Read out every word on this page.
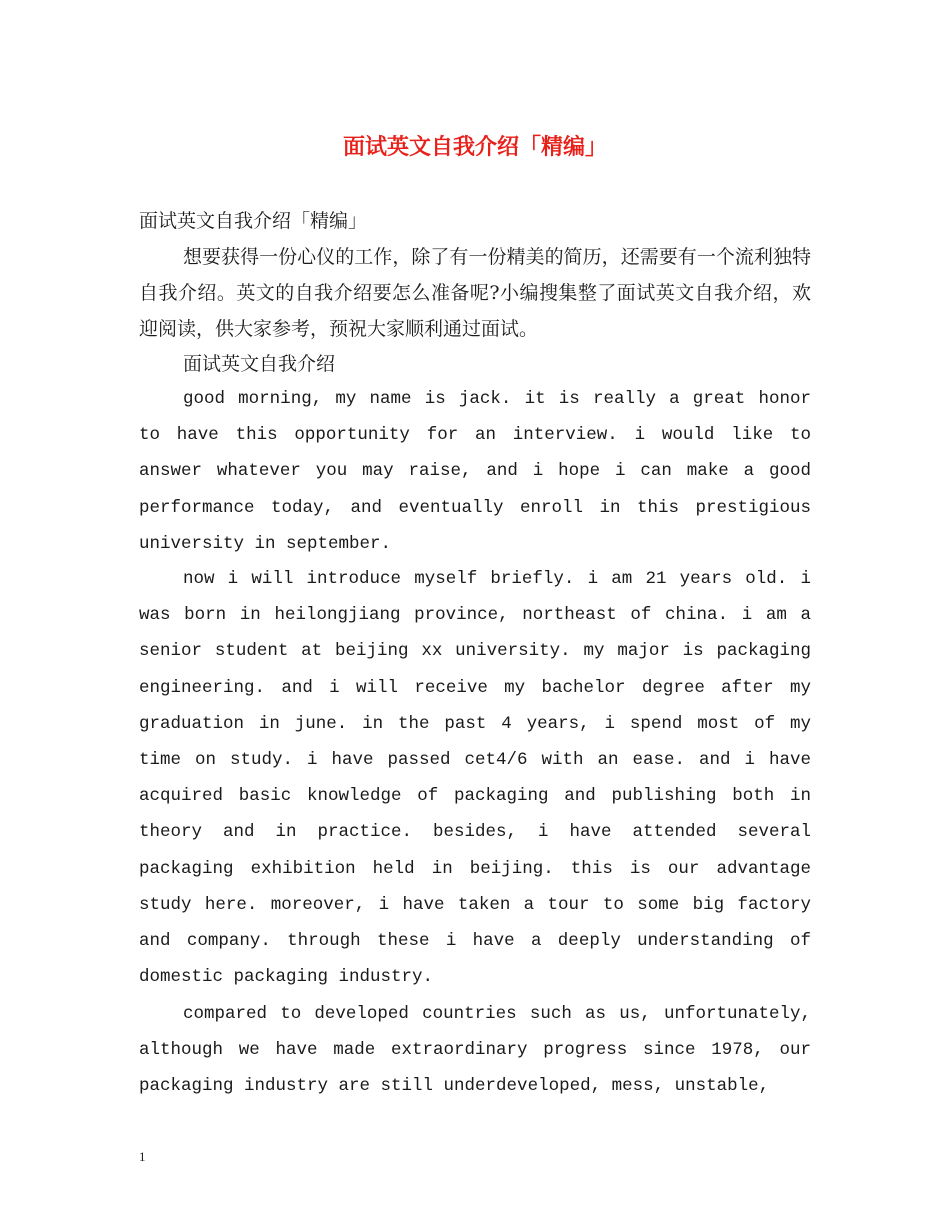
面试英文自我介绍「精编」
面试英文自我介绍「精编」
想要获得一份心仪的工作，除了有一份精美的简历，还需要有一个流利独特自我介绍。英文的自我介绍要怎么准备呢?小编搜集整了面试英文自我介绍，欢迎阅读，供大家参考，预祝大家顺利通过面试。
面试英文自我介绍
good morning, my name is jack. it is really a great honor to have this opportunity for an interview. i would like to answer whatever you may raise, and i hope i can make a good performance today, and eventually enroll in this prestigious university in september.
now i will introduce myself briefly. i am 21 years old. i was born in heilongjiang province, northeast of china. i am a senior student at beijing xx university. my major is packaging engineering. and i will receive my bachelor degree after my graduation in june. in the past 4 years, i spend most of my time on study. i have passed cet4/6 with an ease. and i have acquired basic knowledge of packaging and publishing both in theory and in practice. besides, i have attended several packaging exhibition held in beijing. this is our advantage study here. moreover, i have taken a tour to some big factory and company. through these i have a deeply understanding of domestic packaging industry.
compared to developed countries such as us, unfortunately, although we have made extraordinary progress since 1978, our packaging industry are still underdeveloped, mess, unstable,
1
